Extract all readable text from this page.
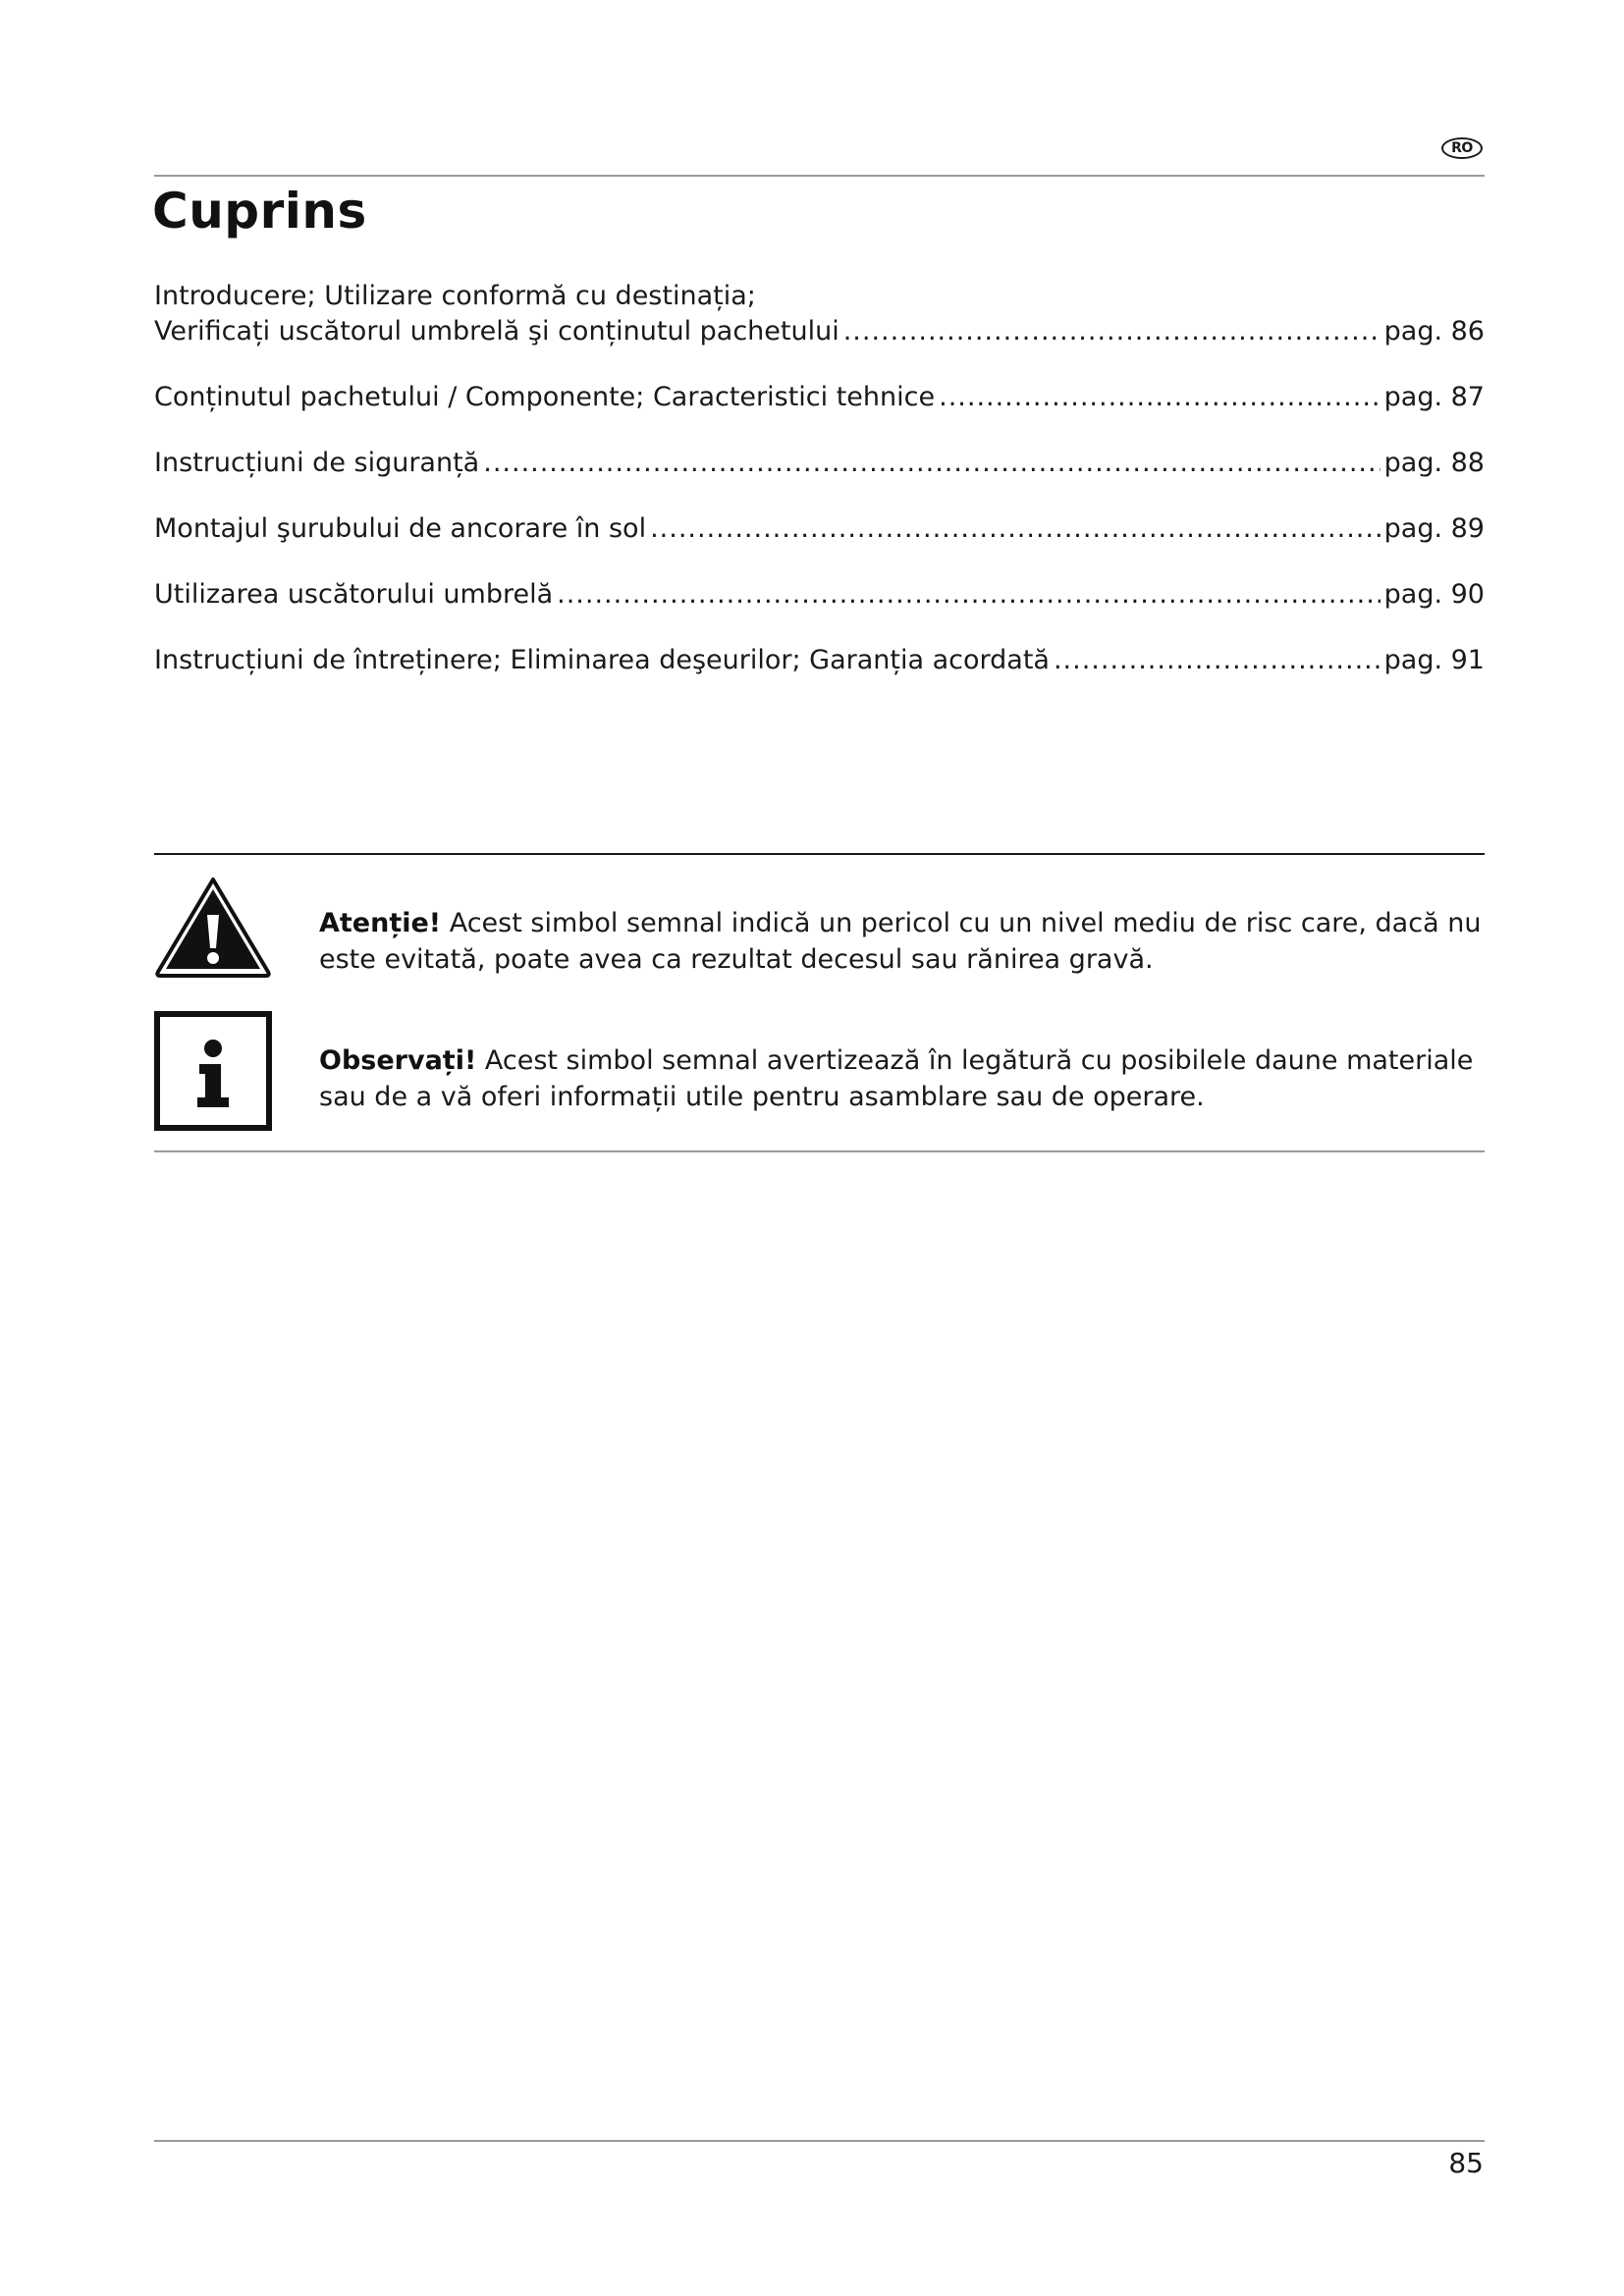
RO
Cuprins
Introducere; Utilizare conformă cu destinația;
Verificați uscătorul umbrelă şi conținutul pachetului .....	pag. 86
Conținutul pachetului / Componente; Caracteristici tehnice .....	pag. 87
Instrucțiuni de siguranță .....	pag. 88
Montajul şurubului de ancorare în sol .....	pag. 89
Utilizarea uscătorului umbrelă .....	pag. 90
Instrucțiuni de întreținere; Eliminarea deşeurilor; Garanția acordată .....	pag. 91
Atenție! Acest simbol semnal indică un pericol cu un nivel mediu de risc care, dacă nu este evitată, poate avea ca rezultat decesul sau rănirea gravă.
Observați! Acest simbol semnal avertizează în legătură cu posibilele daune materiale sau de a vă oferi informații utile pentru asamblare sau de operare.
85
